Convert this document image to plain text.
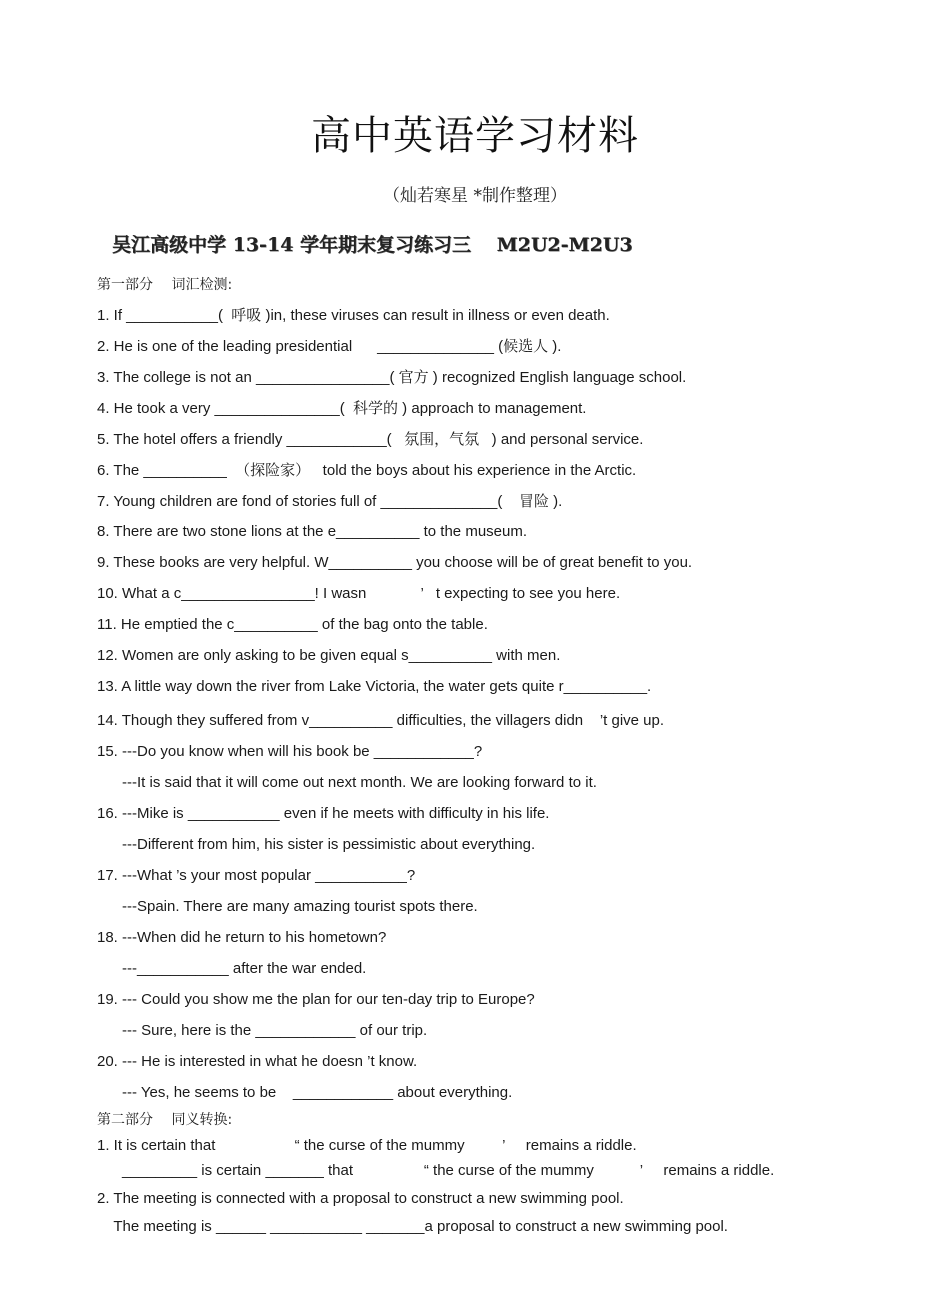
高中英语学习材料
（灿若寒星 *制作整理）
吴江高级中学 13-14 学年期末复习练习三　 M2U2-M2U3
第一部分　 词汇检测:
1. If ___________(  呼吸 )in, these viruses can result in illness or even death.
2. He is one of the leading presidential      ______________ (候选人 ).
3. The college is not an ________________( 官方 ) recognized English language school.
4. He took a very _______________(  科学的 ) approach to management.
5. The hotel offers a friendly ____________(   氛围，气氛   ) and personal service.
6. The __________  （探险家）   told the boys about his experience in the Arctic.
7. Young children are fond of stories full of ______________(    冒险 ).
8. There are two stone lions at the e__________ to the museum.
9. These books are very helpful. W__________ you choose will be of great benefit to you.
10. What a c________________! I wasn             ’   t expecting to see you here.
11. He emptied the c__________ of the bag onto the table.
12. Women are only asking to be given equal s__________ with men.
13. A little way down the river from Lake Victoria, the water gets quite r__________.
14. Though they suffered from v__________ difficulties, the villagers didn    ’t give up.
15. ---Do you know when will his book be ____________?
---It is said that it will come out next month. We are looking forward to it.
16. ---Mike is ___________ even if he meets with difficulty in his life.
---Different from him, his sister is pessimistic about everything.
17. ---What ’s your most popular ___________?
---Spain. There are many amazing tourist spots there.
18. ---When did he return to his hometown?
---___________ after the war ended.
19. --- Could you show me the plan for our ten-day trip to Europe?
--- Sure, here is the ____________ of our trip.
20. --- He is interested in what he doesn ’t know.
--- Yes, he seems to be    ____________ about everything.
第二部分　 同义转换:
1. It is certain that                   “ the curse of the mummy         ’     remains a riddle.
_________ is certain _______ that                 “ the curse of the mummy           ’     remains a riddle.
2. The meeting is connected with a proposal to construct a new swimming pool.
The meeting is ______ ___________ _______a proposal to construct a new swimming pool.
